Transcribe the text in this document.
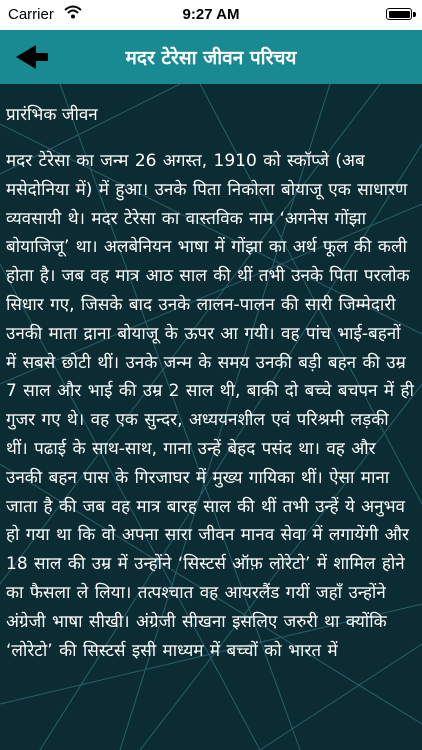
Carrier	9:27 AM
मदर टेरेसा जीवन परिचय

प्रारंभिक जीवन

मदर टेरेसा का जन्म 26 अगस्त, 1910 को स्कॉप्जे (अब मसेदोनिया में) में हुआ। उनके पिता निकोला बोयाजू एक साधारण व्यवसायी थे। मदर टेरेसा का वास्तविक नाम ‘अगनेस गोंझा बोयाजिजू’ था। अलबेनियन भाषा में गोंझा का अर्थ फूल की कली होता है। जब वह मात्र आठ साल की थीं तभी उनके पिता परलोक सिधार गए, जिसके बाद उनके लालन-पालन की सारी जिम्मेदारी उनकी माता द्राना बोयाजू के ऊपर आ गयी। वह पांच भाई-बहनों में सबसे छोटी थीं। उनके जन्म के समय उनकी बड़ी बहन की उम्र 7 साल और भाई की उम्र 2 साल थी, बाकी दो बच्चे बचपन में ही गुजर गए थे। वह एक सुन्दर, अध्ययनशील एवं परिश्रमी लड़की थीं। पढाई के साथ-साथ, गाना उन्हें बेहद पसंद था। वह और उनकी बहन पास के गिरजाघर में मुख्य गायिका थीं। ऐसा माना जाता है की जब वह मात्र बारह साल की थीं तभी उन्हें ये अनुभव हो गया था कि वो अपना सारा जीवन मानव सेवा में लगायेंगी और 18 साल की उम्र में उन्होंने ‘सिस्टर्स ऑफ़ लोरेटो’ में शामिल होने का फैसला ले लिया। तत्पश्चात वह आयरलैंड गयीं जहाँ उन्होंने अंग्रेजी भाषा सीखी। अंग्रेजी सीखना इसलिए जरुरी था क्योंकि ‘लोरेटो’ की सिस्टर्स इसी माध्यम में बच्चों को भारत में
